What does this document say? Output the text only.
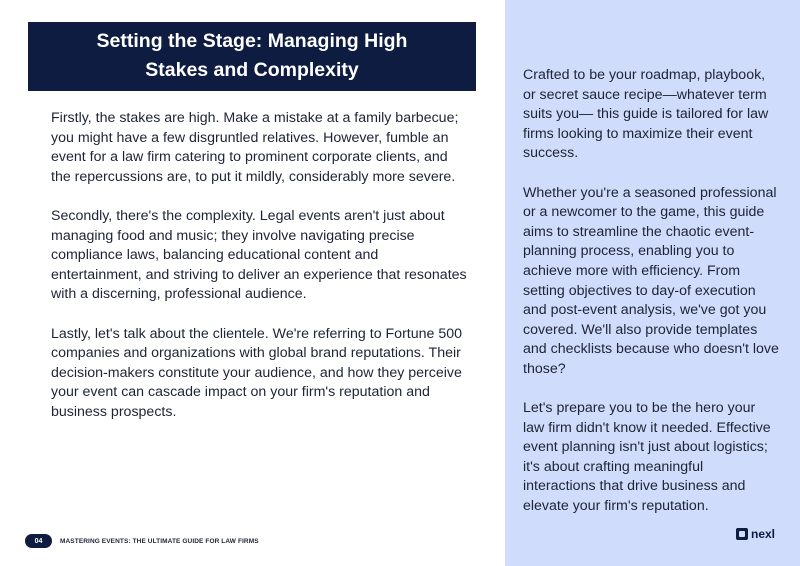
Setting the Stage: Managing High
Stakes and Complexity

Firstly, the stakes are high. Make a mistake at a family barbecue; you might have a few disgruntled relatives. However, fumble an event for a law firm catering to prominent corporate clients, and the repercussions are, to put it mildly, considerably more severe.

Secondly, there's the complexity. Legal events aren't just about managing food and music; they involve navigating precise compliance laws, balancing educational content and entertainment, and striving to deliver an experience that resonates with a discerning, professional audience.

Lastly, let's talk about the clientele. We're referring to Fortune 500 companies and organizations with global brand reputations. Their decision-makers constitute your audience, and how they perceive your event can cascade impact on your firm's reputation and business prospects.

Crafted to be your roadmap, playbook, or secret sauce recipe—whatever term suits you— this guide is tailored for law firms looking to maximize their event success.

Whether you're a seasoned professional or a newcomer to the game, this guide aims to streamline the chaotic event-planning process, enabling you to achieve more with efficiency. From setting objectives to day-of execution and post-event analysis, we've got you covered. We'll also provide templates and checklists because who doesn't love those?

Let's prepare you to be the hero your law firm didn't know it needed. Effective event planning isn't just about logistics; it's about crafting meaningful interactions that drive business and elevate your firm's reputation.

04	MASTERING EVENTS: THE ULTIMATE GUIDE FOR LAW FIRMS	nexl
